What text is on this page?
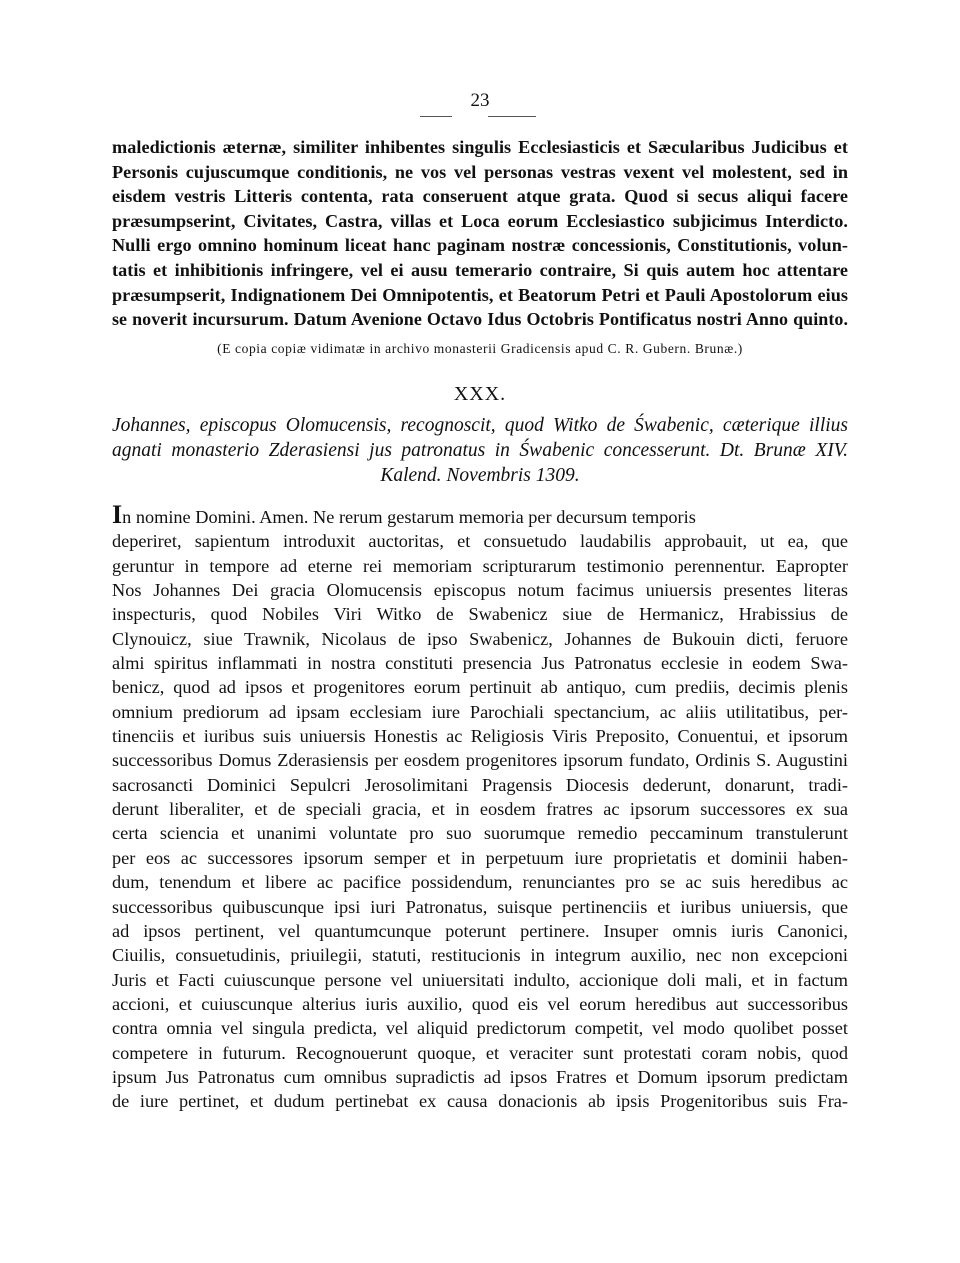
23
maledictionis æternæ, similiter inhibentes singulis Ecclesiasticis et Sæcularibus Judicibus et
Personis cujuscumque conditionis, ne vos vel personas vestras vexent vel molestent, sed in
eisdem vestris Litteris contenta, rata conseruent atque grata. Quod si secus aliqui facere
præsumpserint, Civitates, Castra, villas et Loca eorum Ecclesiastico subjicimus Interdicto.
Nulli ergo omnino hominum liceat hanc paginam nostræ concessionis, Constitutionis, volun-
tatis et inhibitionis infringere, vel ei ausu temerario contraire, Si quis autem hoc attentare
præsumpserit, Indignationem Dei Omnipotentis, et Beatorum Petri et Pauli Apostolorum eius
se noverit incursurum. Datum Avenione Octavo Idus Octobris Pontificatus nostri Anno quinto.
(E copia copiæ vidimatæ in archivo monasterii Gradicensis apud C. R. Gubern. Brunæ.)
XXX.
Johannes, episcopus Olomucensis, recognoscit, quod Witko de Śwabenic, cæterique illius
agnati monasterio Zderasiensi jus patronatus in Śwabenic concesserunt. Dt. Brunæ XIV.
Kalend. Novembris 1309.
In nomine Domini. Amen. Ne rerum gestarum memoria per decursum temporis
deperiret, sapientum introduxit auctoritas, et consuetudo laudabilis approbauit, ut ea, que
geruntur in tempore ad eterne rei memoriam scripturarum testimonio perennentur. Eapropter
Nos Johannes Dei gracia Olomucensis episcopus notum facimus uniuersis presentes literas
inspecturis, quod Nobiles Viri Witko de Swabenicz siue de Hermanicz, Hrabissius de
Clynouicz, siue Trawnik, Nicolaus de ipso Swabenicz, Johannes de Bukouin dicti, feruore
almi spiritus inflammati in nostra constituti presencia Jus Patronatus ecclesie in eodem Swa-
benicz, quod ad ipsos et progenitores eorum pertinuit ab antiquo, cum prediis, decimis plenis
omnium prediorum ad ipsam ecclesiam iure Parochiali spectancium, ac aliis utilitatibus, per-
tinenciis et iuribus suis uniuersis Honestis ac Religiosis Viris Preposito, Conuentui, et ipsorum
successoribus Domus Zderasiensis per eosdem progenitores ipsorum fundato, Ordinis S. Augustini
sacrosancti Dominici Sepulcri Jerosolimitani Pragensis Diocesis dederunt, donarunt, tradi-
derunt liberaliter, et de speciali gracia, et in eosdem fratres ac ipsorum successores ex sua
certa sciencia et unanimi voluntate pro suo suorumque remedio peccaminum transtulerunt
per eos ac successores ipsorum semper et in perpetuum iure proprietatis et dominii haben-
dum, tenendum et libere ac pacifice possidendum, renunciantes pro se ac suis heredibus ac
successoribus quibuscunque ipsi iuri Patronatus, suisque pertinenciis et iuribus uniuersis, que
ad ipsos pertinent, vel quantumcunque poterunt pertinere. Insuper omnis iuris Canonici,
Ciuilis, consuetudinis, priuilegii, statuti, restitucionis in integrum auxilio, nec non excepcioni
Juris et Facti cuiuscunque persone vel uniuersitati indulto, accionique doli mali, et in factum
accioni, et cuiuscunque alterius iuris auxilio, quod eis vel eorum heredibus aut successoribus
contra omnia vel singula predicta, vel aliquid predictorum competit, vel modo quolibet posset
competere in futurum. Recognouerunt quoque, et veraciter sunt protestati coram nobis, quod
ipsum Jus Patronatus cum omnibus supradictis ad ipsos Fratres et Domum ipsorum predictam
de iure pertinet, et dudum pertinebat ex causa donacionis ab ipsis Progenitoribus suis Fra-
